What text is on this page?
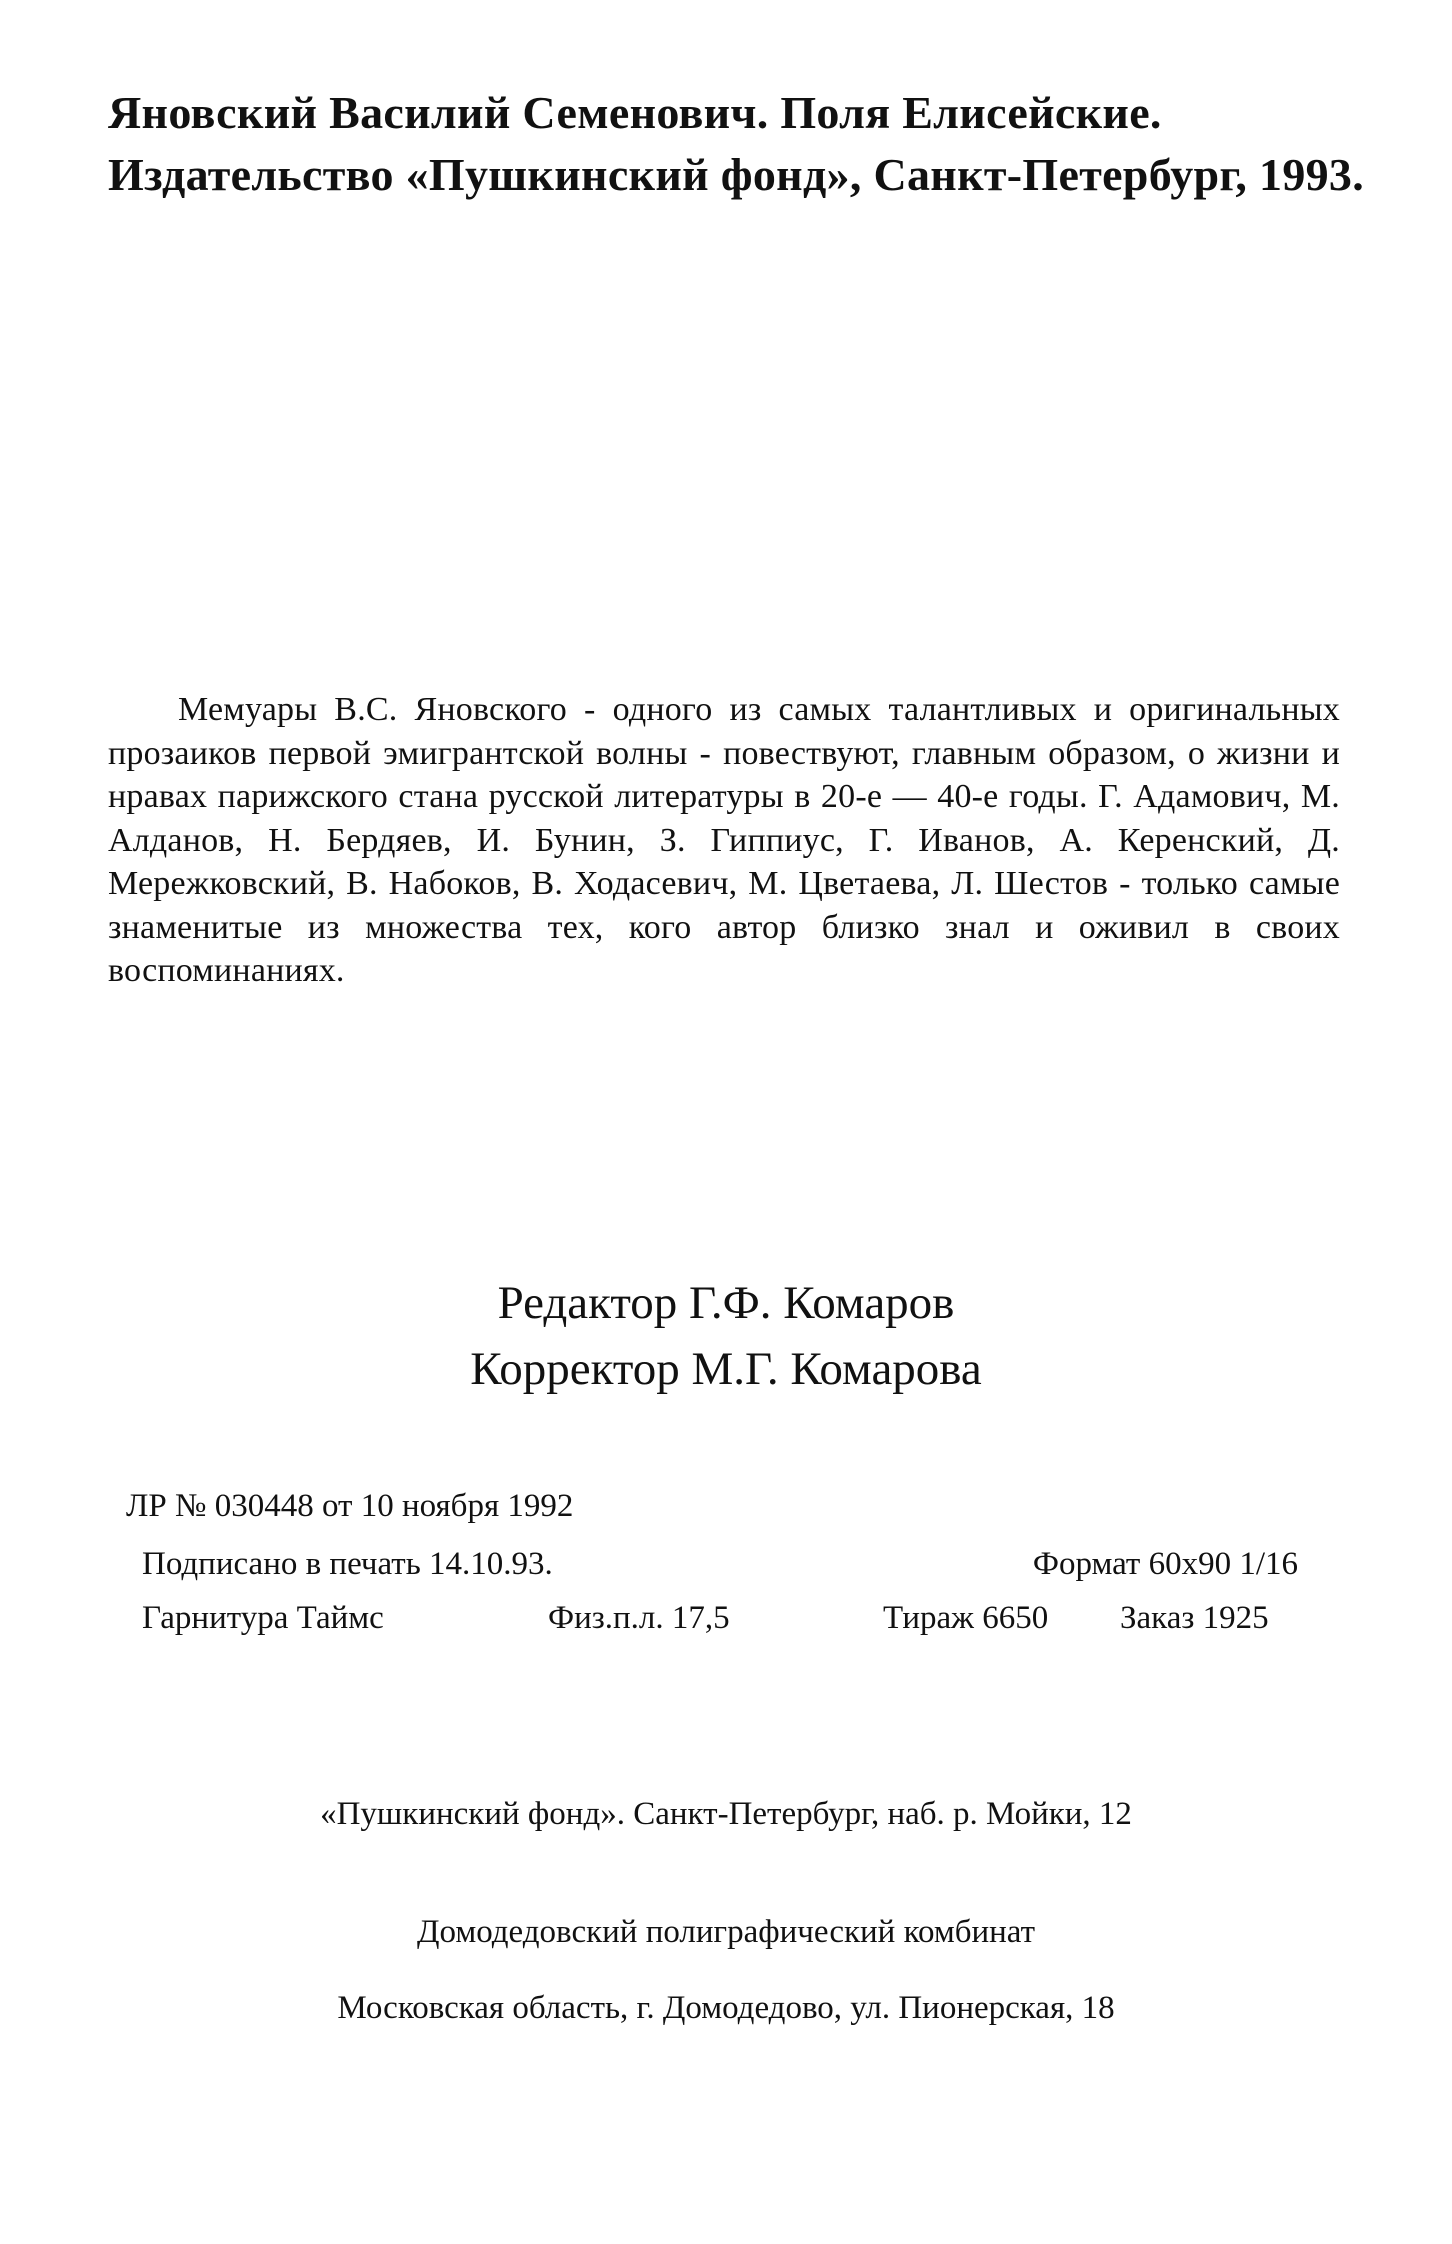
Яновский Василий Семенович. Поля Елисейские.
Издательство «Пушкинский фонд», Санкт-Петербург, 1993.
Мемуары В.С. Яновского - одного из самых талантливых и оригинальных прозаиков первой эмигрантской волны - повествуют, главным образом, о жизни и нравах парижского стана русской литературы в 20-е — 40-е годы. Г. Адамович, М. Алданов, Н. Бердяев, И. Бунин, З. Гиппиус, Г. Иванов, А. Керенский, Д. Мережковский, В. Набоков, В. Ходасевич, М. Цветаева, Л. Шестов - только самые знаменитые из множества тех, кого автор близко знал и оживил в своих воспоминаниях.
Редактор Г.Ф. Комаров
Корректор М.Г. Комарова
ЛР № 030448 от 10 ноября 1992
Подписано в печать 14.10.93.	Формат 60х90 1/16
Гарнитура Таймс	Физ.п.л. 17,5	Тираж 6650 Заказ 1925
«Пушкинский фонд». Санкт-Петербург, наб. р. Мойки, 12
Домодедовский полиграфический комбинат
Московская область, г. Домодедово, ул. Пионерская, 18
